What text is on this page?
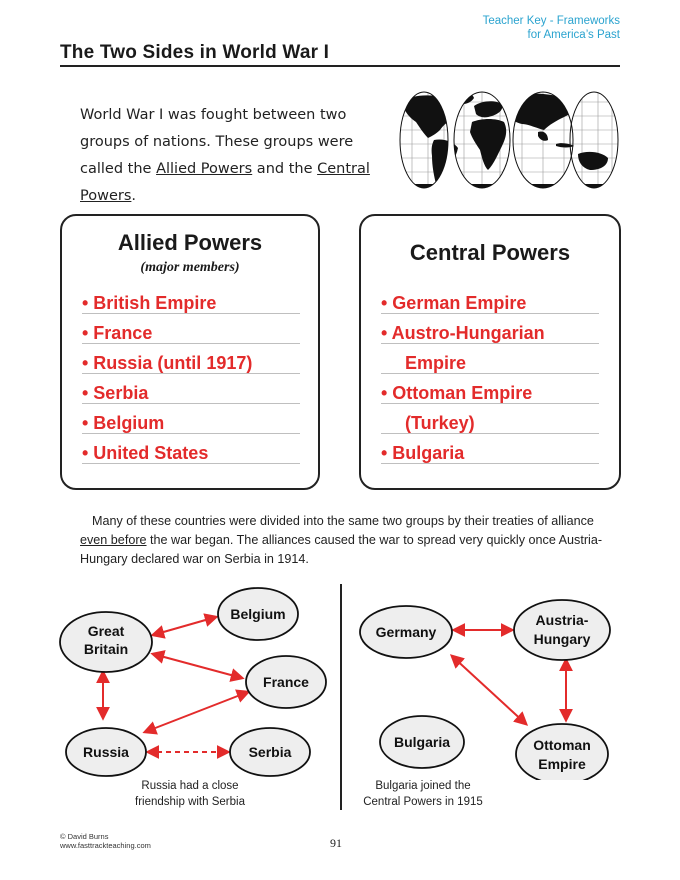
Teacher Key - Frameworks
for America’s Past
The Two Sides in World War I
World War I was fought between two groups of nations. These groups were called the Allied Powers and the Central Powers.
Allied Powers
(major members)
• British Empire
• France
• Russia (until 1917)
• Serbia
• Belgium
• United States
Central Powers
• German Empire
• Austro-Hungarian
Empire
• Ottoman Empire
(Turkey)
• Bulgaria
Many of these countries were divided into the same two groups by their treaties of alliance even before the war began. The alliances caused the war to spread very quickly once Austria-Hungary declared war on Serbia in 1914.
Great
Britain
Belgium
France
Russia	Serbia
Germany
Austria-
Hungary
Bulgaria	Ottoman
Empire
Russia had a close
friendship with Serbia
Bulgaria joined the
Central Powers in 1915
© David Burns
www.fasttrackteaching.com	91
